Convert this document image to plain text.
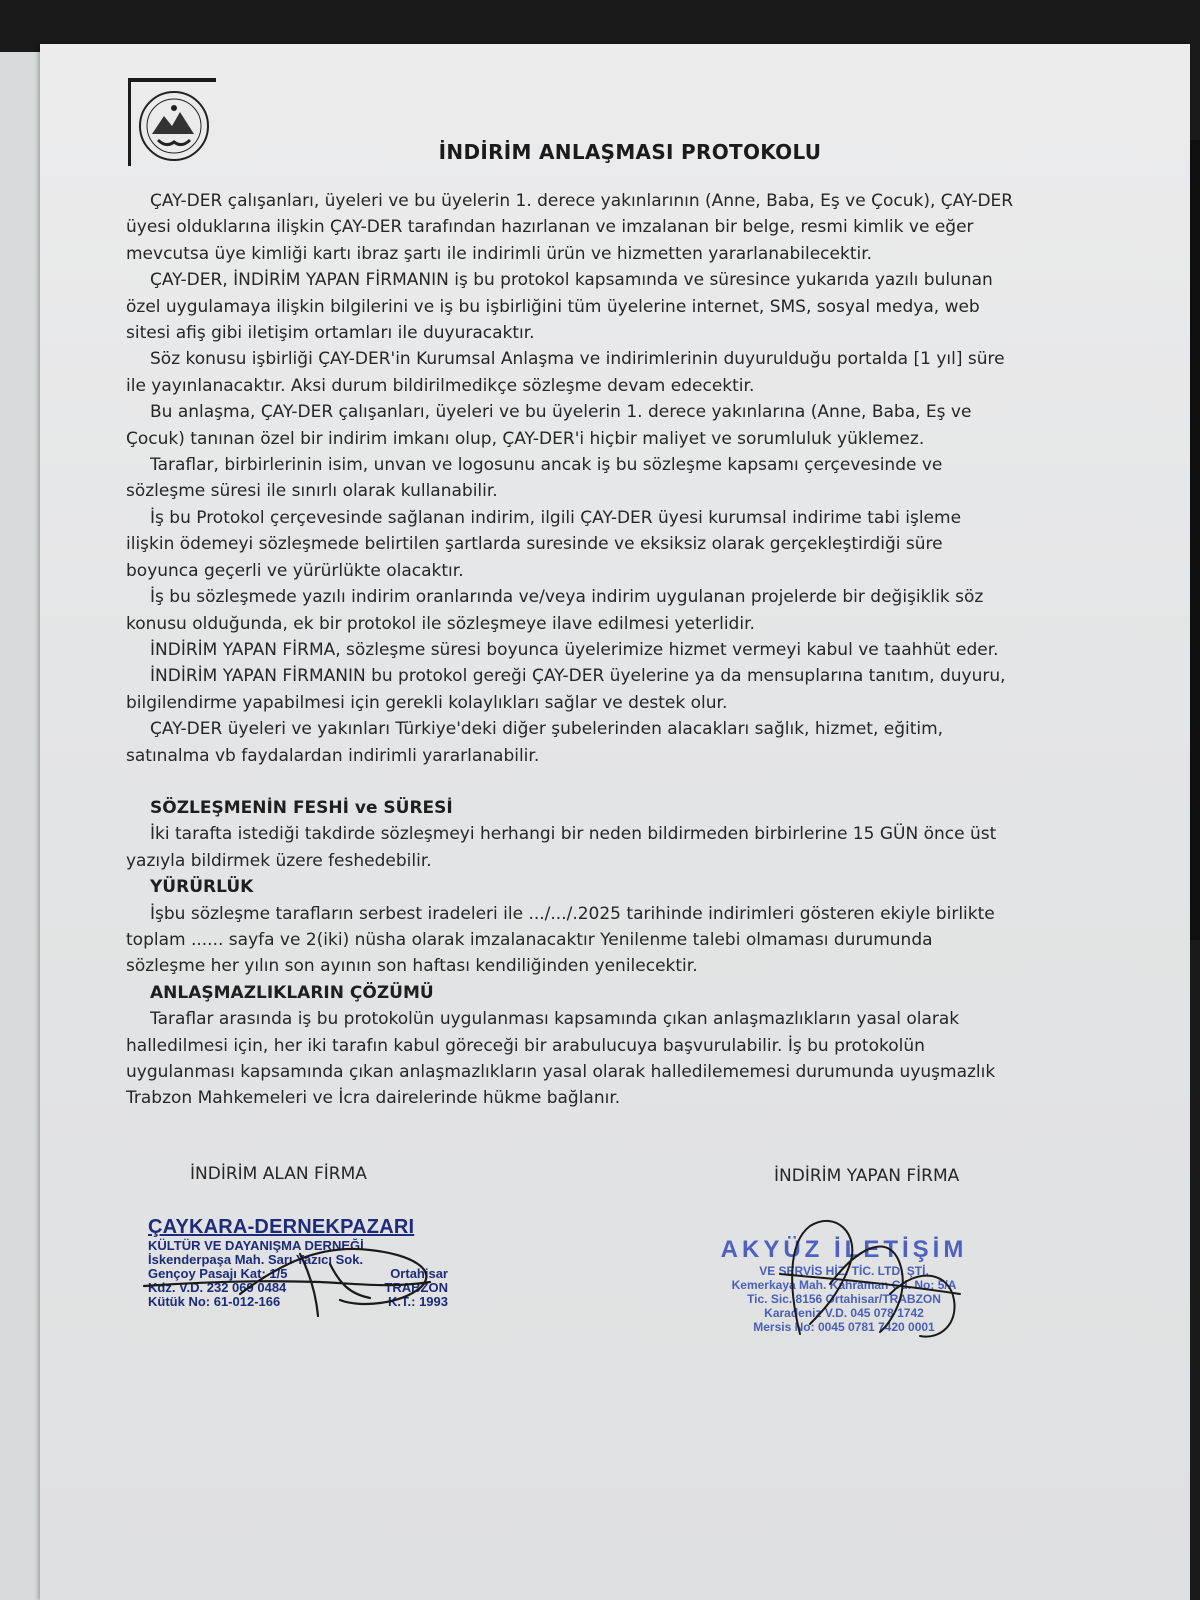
İNDİRİM ANLAŞMASI PROTOKOLU

ÇAY-DER çalışanları, üyeleri ve bu üyelerin 1. derece yakınlarının (Anne, Baba, Eş ve Çocuk), ÇAY-DER üyesi olduklarına ilişkin ÇAY-DER tarafından hazırlanan ve imzalanan bir belge, resmi kimlik ve eğer mevcutsa üye kimliği kartı ibraz şartı ile indirimli ürün ve hizmetten yararlanabilecektir.

ÇAY-DER, İNDİRİM YAPAN FİRMANIN iş bu protokol kapsamında ve süresince yukarıda yazılı bulunan özel uygulamaya ilişkin bilgilerini ve iş bu işbirliğini tüm üyelerine internet, SMS, sosyal medya, web sitesi afiş gibi iletişim ortamları ile duyuracaktır.

Söz konusu işbirliği ÇAY-DER'in Kurumsal Anlaşma ve indirimlerinin duyurulduğu portalda [1 yıl] süre ile yayınlanacaktır. Aksi durum bildirilmedikçe sözleşme devam edecektir.

Bu anlaşma, ÇAY-DER çalışanları, üyeleri ve bu üyelerin 1. derece yakınlarına (Anne, Baba, Eş ve Çocuk) tanınan özel bir indirim imkanı olup, ÇAY-DER'i hiçbir maliyet ve sorumluluk yüklemez.

Taraflar, birbirlerinin isim, unvan ve logosunu ancak iş bu sözleşme kapsamı çerçevesinde ve sözleşme süresi ile sınırlı olarak kullanabilir.

İş bu Protokol çerçevesinde sağlanan indirim, ilgili ÇAY-DER üyesi kurumsal indirime tabi işleme ilişkin ödemeyi sözleşmede belirtilen şartlarda suresinde ve eksiksiz olarak gerçekleştirdiği süre boyunca geçerli ve yürürlükte olacaktır.

İş bu sözleşmede yazılı indirim oranlarında ve/veya indirim uygulanan projelerde bir değişiklik söz konusu olduğunda, ek bir protokol ile sözleşmeye ilave edilmesi yeterlidir.

İNDİRİM YAPAN FİRMA, sözleşme süresi boyunca üyelerimize hizmet vermeyi kabul ve taahhüt eder.

İNDİRİM YAPAN FİRMANIN bu protokol gereği ÇAY-DER üyelerine ya da mensuplarına tanıtım, duyuru, bilgilendirme yapabilmesi için gerekli kolaylıkları sağlar ve destek olur.

ÇAY-DER üyeleri ve yakınları Türkiye'deki diğer şubelerinden alacakları sağlık, hizmet, eğitim, satınalma vb faydalardan indirimli yararlanabilir.

SÖZLEŞMENİN FESHİ ve SÜRESİ

İki tarafta istediği takdirde sözleşmeyi herhangi bir neden bildirmeden birbirlerine 15 GÜN önce üst yazıyla bildirmek üzere feshedebilir.

YÜRÜRLÜK

İşbu sözleşme tarafların serbest iradeleri ile .../.../.2025 tarihinde indirimleri gösteren ekiyle birlikte toplam ...... sayfa ve 2(iki) nüsha olarak imzalanacaktır Yenilenme talebi olmaması durumunda sözleşme her yılın son ayının son haftası kendiliğinden yenilecektir.

ANLAŞMAZLIKLARIN ÇÖZÜMÜ

Taraflar arasında iş bu protokolün uygulanması kapsamında çıkan anlaşmazlıkların yasal olarak halledilmesi için, her iki tarafın kabul göreceği bir arabulucuya başvurulabilir. İş bu protokolün uygulanması kapsamında çıkan anlaşmazlıkların yasal olarak halledilememesi durumunda uyuşmazlık Trabzon Mahkemeleri ve İcra dairelerinde hükme bağlanır.

İNDİRİM ALAN FİRMA	İNDİRİM YAPAN FİRMA
ÇAYKARA-DERNEKPAZARI
KÜLTÜR VE DAYANIŞMA DERNEĞİ
İskenderpaşa Mah. Sarı Yazıcı Sok.
Gençoy Pasajı Kat: 1/5	Ortahisar
Kdz. V.D. 232 069 0484	TRABZON
Kütük No: 61-012-166	K.T.: 1993
AKYÜZ İLETİŞİM
VE SERVİS HİZ. TİC. LTD. ŞTİ.
Kemerkaya Mah. Kahraman Cd. No: 5/A
Tic. Sic. 8156 Ortahisar/TRABZON
Karadeniz V.D. 045 078 1742
Mersis No: 0045 0781 7420 0001
